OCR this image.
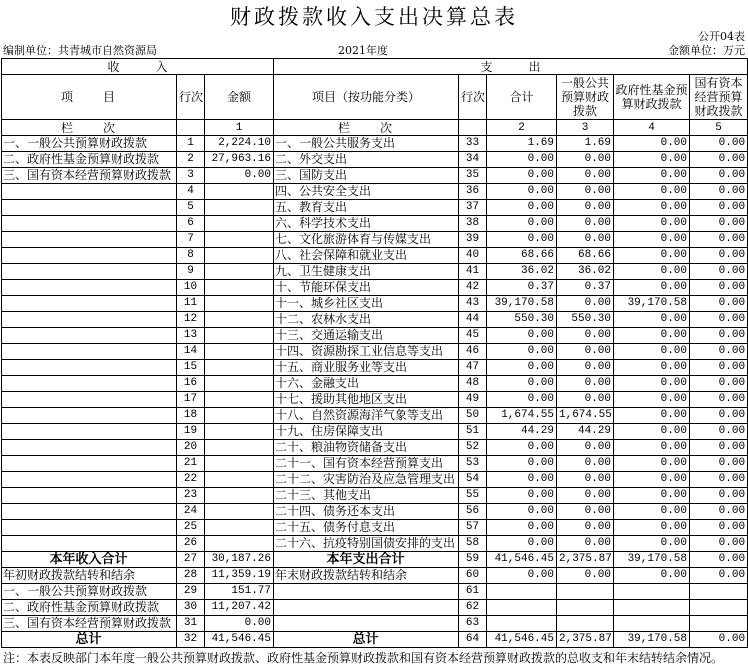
财政拨款收入支出决算总表
公开04表
编制单位：共青城市自然资源局	2021年度	金额单位：万元
收　　　入			支　　　出					
项　　目	行次	金额	项目（按功能分类）	行次	合计	一般公共预算财政拨款	政府性基金预算财政拨款	国有资本经营预算财政拨款
栏　　次		1	栏　　次		2	3	4	5
一、一般公共预算财政拨款	1	2,224.10	一、一般公共服务支出	33	1.69	1.69	0.00	0.00
二、政府性基金预算财政拨款	2	27,963.16	二、外交支出	34	0.00	0.00	0.00	0.00
三、国有资本经营预算财政拨款	3	0.00	三、国防支出	35	0.00	0.00	0.00	0.00
	4		四、公共安全支出	36	0.00	0.00	0.00	0.00
	5		五、教育支出	37	0.00	0.00	0.00	0.00
	6		六、科学技术支出	38	0.00	0.00	0.00	0.00
	7		七、文化旅游体育与传媒支出	39	0.00	0.00	0.00	0.00
	8		八、社会保障和就业支出	40	68.66	68.66	0.00	0.00
	9		九、卫生健康支出	41	36.02	36.02	0.00	0.00
	10		十、节能环保支出	42	0.37	0.37	0.00	0.00
	11		十一、城乡社区支出	43	39,170.58	0.00	39,170.58	0.00
	12		十二、农林水支出	44	550.30	550.30	0.00	0.00
	13		十三、交通运输支出	45	0.00	0.00	0.00	0.00
	14		十四、资源勘探工业信息等支出	46	0.00	0.00	0.00	0.00
	15		十五、商业服务业等支出	47	0.00	0.00	0.00	0.00
	16		十六、金融支出	48	0.00	0.00	0.00	0.00
	17		十七、援助其他地区支出	49	0.00	0.00	0.00	0.00
	18		十八、自然资源海洋气象等支出	50	1,674.55	1,674.55	0.00	0.00
	19		十九、住房保障支出	51	44.29	44.29	0.00	0.00
	20		二十、粮油物资储备支出	52	0.00	0.00	0.00	0.00
	21		二十一、国有资本经营预算支出	53	0.00	0.00	0.00	0.00
	22		二十二、灾害防治及应急管理支出	54	0.00	0.00	0.00	0.00
	23		二十三、其他支出	55	0.00	0.00	0.00	0.00
	24		二十四、债务还本支出	56	0.00	0.00	0.00	0.00
	25		二十五、债务付息支出	57	0.00	0.00	0.00	0.00
	26		二十六、抗疫特别国债安排的支出	58	0.00	0.00	0.00	0.00
本年收入合计	27	30,187.26	本年支出合计	59	41,546.45	2,375.87	39,170.58	0.00
年初财政拨款结转和结余	28	11,359.19	年末财政拨款结转和结余	60	0.00	0.00	0.00	0.00
一、一般公共预算财政拨款	29	151.77		61				
二、政府性基金预算财政拨款	30	11,207.42		62				
三、国有资本经营预算财政拨款	31	0.00		63				
总计	32	41,546.45	总计	64	41,546.45	2,375.87	39,170.58	0.00
注：本表反映部门本年度一般公共预算财政拨款、政府性基金预算财政拨款和国有资本经营预算财政拨款的总收支和年末结转结余情况。
